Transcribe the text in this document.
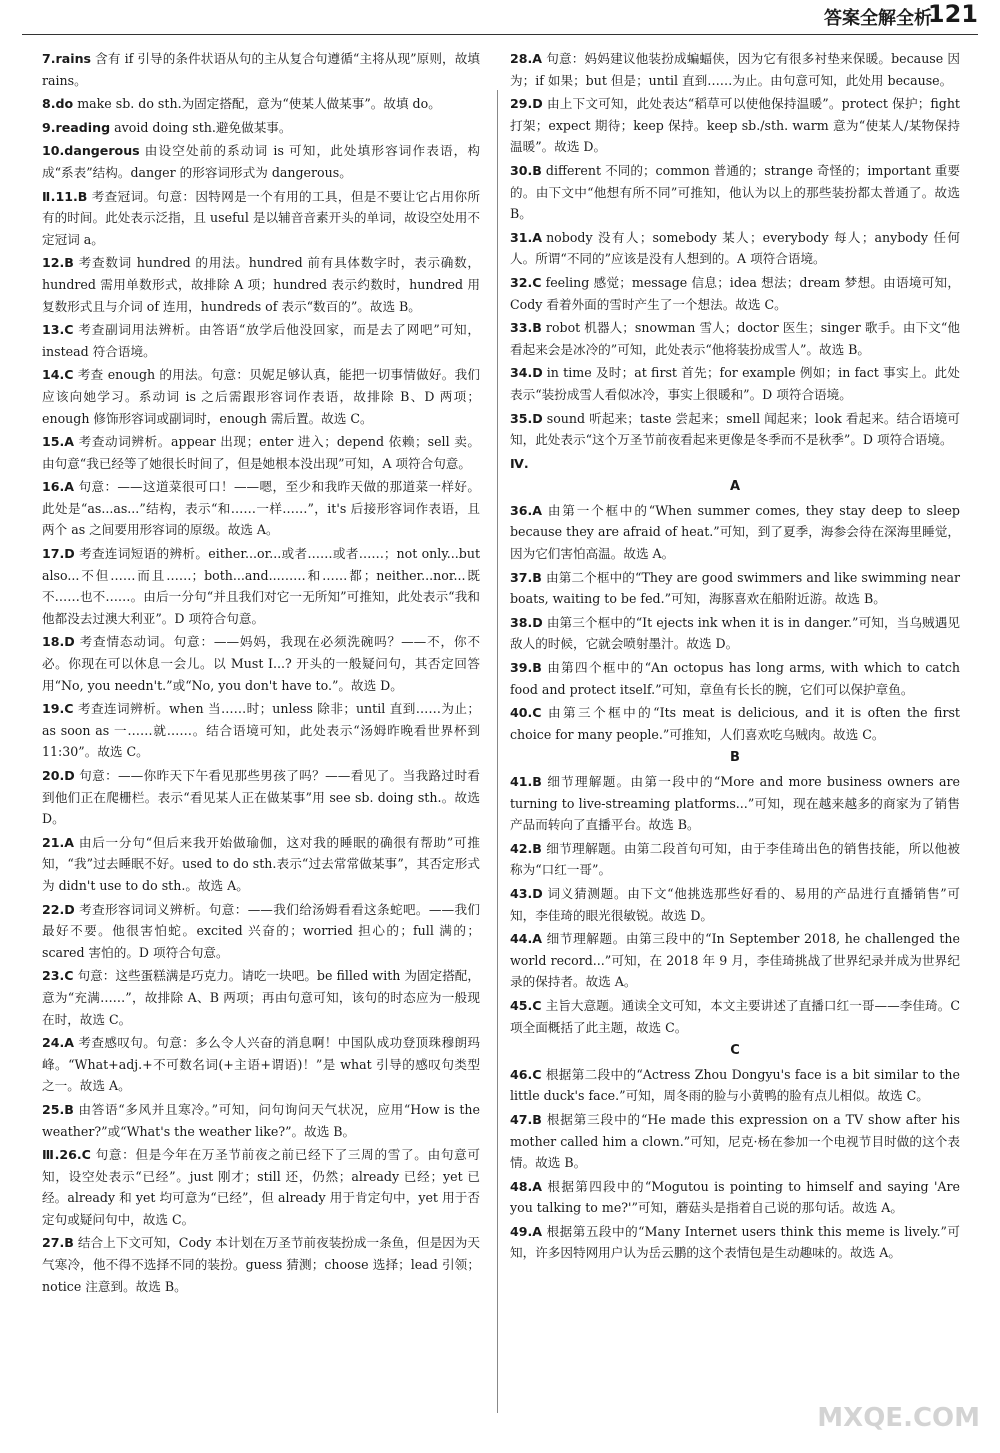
答案全解全析
121
7.rains 含有 if 引导的条件状语从句的主从复合句遵循“主将从现”原则，故填 rains。
8.do make sb. do sth.为固定搭配，意为“使某人做某事”。故填 do。
9.reading avoid doing sth.避免做某事。
10.dangerous 由设空处前的系动词 is 可知，此处填形容词作表语，构成“系表”结构。danger 的形容词形式为 dangerous。
Ⅱ.11.B 考查冠词。句意：因特网是一个有用的工具，但是不要让它占用你所有的时间。此处表示泛指，且 useful 是以辅音音素开头的单词，故设空处用不定冠词 a。
12.B 考查数词 hundred 的用法。hundred 前有具体数字时，表示确数，hundred 需用单数形式，故排除 A 项；hundred 表示约数时，hundred 用复数形式且与介词 of 连用，hundreds of 表示“数百的”。故选 B。
13.C 考查副词用法辨析。由答语“放学后他没回家，而是去了网吧”可知，instead 符合语境。
14.C 考查 enough 的用法。句意：贝妮足够认真，能把一切事情做好。我们应该向她学习。系动词 is 之后需跟形容词作表语，故排除 B、D 两项；enough 修饰形容词或副词时，enough 需后置。故选 C。
15.A 考查动词辨析。appear 出现；enter 进入；depend 依赖；sell 卖。由句意“我已经等了她很长时间了，但是她根本没出现”可知，A 项符合句意。
16.A 句意：——这道菜很可口！——嗯，至少和我昨天做的那道菜一样好。此处是“as...as...”结构，表示“和……一样……”，it's 后接形容词作表语，且两个 as 之间要用形容词的原级。故选 A。
17.D 考查连词短语的辨析。either...or...或者……或者……；not only...but also...不但……而且……；both...and...……和……都；neither...nor...既不……也不……。由后一分句“并且我们对它一无所知”可推知，此处表示“我和他都没去过澳大利亚”。D 项符合句意。
18.D 考查情态动词。句意：——妈妈，我现在必须洗碗吗？——不，你不必。你现在可以休息一会儿。以 Must I...? 开头的一般疑问句，其否定回答用“No, you needn't.”或“No, you don't have to.”。故选 D。
19.C 考查连词辨析。when 当……时；unless 除非；until 直到……为止；as soon as 一……就……。结合语境可知，此处表示“汤姆昨晚看世界杯到 11:30”。故选 C。
20.D 句意：——你昨天下午看见那些男孩了吗？——看见了。当我路过时看到他们正在爬栅栏。表示“看见某人正在做某事”用 see sb. doing sth.。故选 D。
21.A 由后一分句“但后来我开始做瑜伽，这对我的睡眠的确很有帮助”可推知，“我”过去睡眠不好。used to do sth.表示“过去常常做某事”，其否定形式为 didn't use to do sth.。故选 A。
22.D 考查形容词词义辨析。句意：——我们给汤姆看看这条蛇吧。——我们最好不要。他很害怕蛇。excited 兴奋的；worried 担心的；full 满的；scared 害怕的。D 项符合句意。
23.C 句意：这些蛋糕满是巧克力。请吃一块吧。be filled with 为固定搭配，意为“充满……”，故排除 A、B 两项；再由句意可知，该句的时态应为一般现在时，故选 C。
24.A 考查感叹句。句意：多么令人兴奋的消息啊！中国队成功登顶珠穆朗玛峰。“What+adj.+不可数名词(+主语+谓语)！”是 what 引导的感叹句类型之一。故选 A。
25.B 由答语“多风并且寒冷。”可知，问句询问天气状况，应用“How is the weather?”或“What's the weather like?”。故选 B。
Ⅲ.26.C 句意：但是今年在万圣节前夜之前已经下了三周的雪了。由句意可知，设空处表示“已经”。just 刚才；still 还，仍然；already 已经；yet 已经。already 和 yet 均可意为“已经”，但 already 用于肯定句中，yet 用于否定句或疑问句中，故选 C。
27.B 结合上下文可知，Cody 本计划在万圣节前夜装扮成一条鱼，但是因为天气寒冷，他不得不选择不同的装扮。guess 猜测；choose 选择；lead 引领；notice 注意到。故选 B。
28.A 句意：妈妈建议他装扮成蝙蝠侠，因为它有很多衬垫来保暖。because 因为；if 如果；but 但是；until 直到……为止。由句意可知，此处用 because。
29.D 由上下文可知，此处表达“稻草可以使他保持温暖”。protect 保护；fight 打架；expect 期待；keep 保持。keep sb./sth. warm 意为“使某人/某物保持温暖”。故选 D。
30.B different 不同的；common 普通的；strange 奇怪的；important 重要的。由下文中“他想有所不同”可推知，他认为以上的那些装扮都太普通了。故选 B。
31.A nobody 没有人；somebody 某人；everybody 每人；anybody 任何人。所谓“不同的”应该是没有人想到的。A 项符合语境。
32.C feeling 感觉；message 信息；idea 想法；dream 梦想。由语境可知，Cody 看着外面的雪时产生了一个想法。故选 C。
33.B robot 机器人；snowman 雪人；doctor 医生；singer 歌手。由下文“他看起来会是冰冷的”可知，此处表示“他将装扮成雪人”。故选 B。
34.D in time 及时；at first 首先；for example 例如；in fact 事实上。此处表示“装扮成雪人看似冰冷，事实上很暖和”。D 项符合语境。
35.D sound 听起来；taste 尝起来；smell 闻起来；look 看起来。结合语境可知，此处表示“这个万圣节前夜看起来更像是冬季而不是秋季”。D 项符合语境。
Ⅳ.
A
36.A 由第一个框中的“When summer comes, they stay deep to sleep because they are afraid of heat.”可知，到了夏季，海参会待在深海里睡觉，因为它们害怕高温。故选 A。
37.B 由第二个框中的“They are good swimmers and like swimming near boats, waiting to be fed.”可知，海豚喜欢在船附近游。故选 B。
38.D 由第三个框中的“It ejects ink when it is in danger.”可知，当乌贼遇见敌人的时候，它就会喷射墨汁。故选 D。
39.B 由第四个框中的“An octopus has long arms, with which to catch food and protect itself.”可知，章鱼有长长的腕，它们可以保护章鱼。
40.C 由第三个框中的“Its meat is delicious, and it is often the first choice for many people.”可推知，人们喜欢吃乌贼肉。故选 C。
B
41.B 细节理解题。由第一段中的“More and more business owners are turning to live-streaming platforms...”可知，现在越来越多的商家为了销售产品而转向了直播平台。故选 B。
42.B 细节理解题。由第二段首句可知，由于李佳琦出色的销售技能，所以他被称为“口红一哥”。
43.D 词义猜测题。由下文“他挑选那些好看的、易用的产品进行直播销售”可知，李佳琦的眼光很敏锐。故选 D。
44.A 细节理解题。由第三段中的“In September 2018, he challenged the world record...”可知，在 2018 年 9 月，李佳琦挑战了世界纪录并成为世界纪录的保持者。故选 A。
45.C 主旨大意题。通读全文可知，本文主要讲述了直播口红一哥——李佳琦。C 项全面概括了此主题，故选 C。
C
46.C 根据第二段中的“Actress Zhou Dongyu's face is a bit similar to the little duck's face.”可知，周冬雨的脸与小黄鸭的脸有点儿相似。故选 C。
47.B 根据第三段中的“He made this expression on a TV show after his mother called him a clown.”可知，尼克·杨在参加一个电视节目时做的这个表情。故选 B。
48.A 根据第四段中的“Mogutou is pointing to himself and saying 'Are you talking to me?'”可知，蘑菇头是指着自己说的那句话。故选 A。
49.A 根据第五段中的“Many Internet users think this meme is lively.”可知，许多因特网用户认为岳云鹏的这个表情包是生动趣味的。故选 A。
MXQE.COM
